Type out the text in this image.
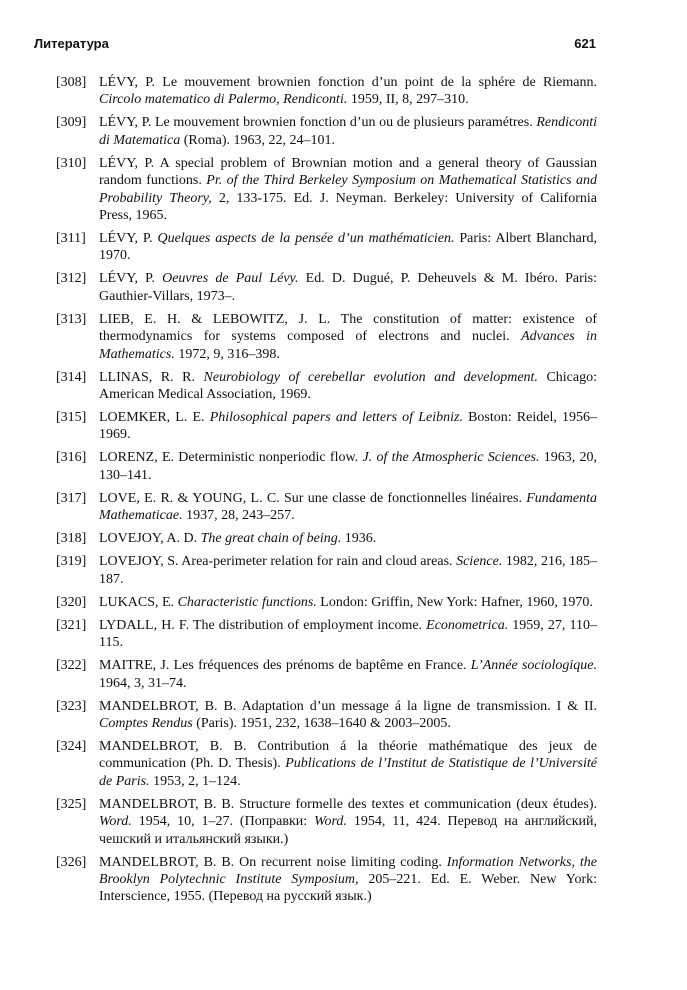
Литература	621
[308] LÉVY, P. Le mouvement brownien fonction d’un point de la sphére de Riemann. Circolo matematico di Palermo, Rendiconti. 1959, II, 8, 297–310.
[309] LÉVY, P. Le mouvement brownien fonction d’un ou de plusieurs paramétres. Rendiconti di Matematica (Roma). 1963, 22, 24–101.
[310] LÉVY, P. A special problem of Brownian motion and a general theory of Gaussian random functions. Pr. of the Third Berkeley Symposium on Mathematical Statistics and Probability Theory, 2, 133-175. Ed. J. Neyman. Berkeley: University of California Press, 1965.
[311] LÉVY, P. Quelques aspects de la pensée d’un mathématicien. Paris: Albert Blanchard, 1970.
[312] LÉVY, P. Oeuvres de Paul Lévy. Ed. D. Dugué, P. Deheuvels & M. Ibéro. Paris: Gauthier-Villars, 1973–.
[313] LIEB, E. H. & LEBOWITZ, J. L. The constitution of matter: existence of thermodynamics for systems composed of electrons and nuclei. Advances in Mathematics. 1972, 9, 316–398.
[314] LLINAS, R. R. Neurobiology of cerebellar evolution and development. Chicago: American Medical Association, 1969.
[315] LOEMKER, L. E. Philosophical papers and letters of Leibniz. Boston: Reidel, 1956–1969.
[316] LORENZ, E. Deterministic nonperiodic flow. J. of the Atmospheric Sciences. 1963, 20, 130–141.
[317] LOVE, E. R. & YOUNG, L. C. Sur une classe de fonctionnelles linéaires. Fundamenta Mathematicae. 1937, 28, 243–257.
[318] LOVEJOY, A. D. The great chain of being. 1936.
[319] LOVEJOY, S. Area-perimeter relation for rain and cloud areas. Science. 1982, 216, 185–187.
[320] LUKACS, E. Characteristic functions. London: Griffin, New York: Hafner, 1960, 1970.
[321] LYDALL, H. F. The distribution of employment income. Econometrica. 1959, 27, 110–115.
[322] MAITRE, J. Les fréquences des prénoms de baptême en France. L’Année sociologique. 1964, 3, 31–74.
[323] MANDELBROT, B. B. Adaptation d’un message á la ligne de transmission. I & II. Comptes Rendus (Paris). 1951, 232, 1638–1640 & 2003–2005.
[324] MANDELBROT, B. B. Contribution á la théorie mathématique des jeux de communication (Ph. D. Thesis). Publications de l’Institut de Statistique de l’Université de Paris. 1953, 2, 1–124.
[325] MANDELBROT, B. B. Structure formelle des textes et communication (deux études). Word. 1954, 10, 1–27. (Поправки: Word. 1954, 11, 424. Перевод на английский, чешский и итальянский языки.)
[326] MANDELBROT, B. B. On recurrent noise limiting coding. Information Networks, the Brooklyn Polytechnic Institute Symposium, 205–221. Ed. E. Weber. New York: Interscience, 1955. (Перевод на русский язык.)
